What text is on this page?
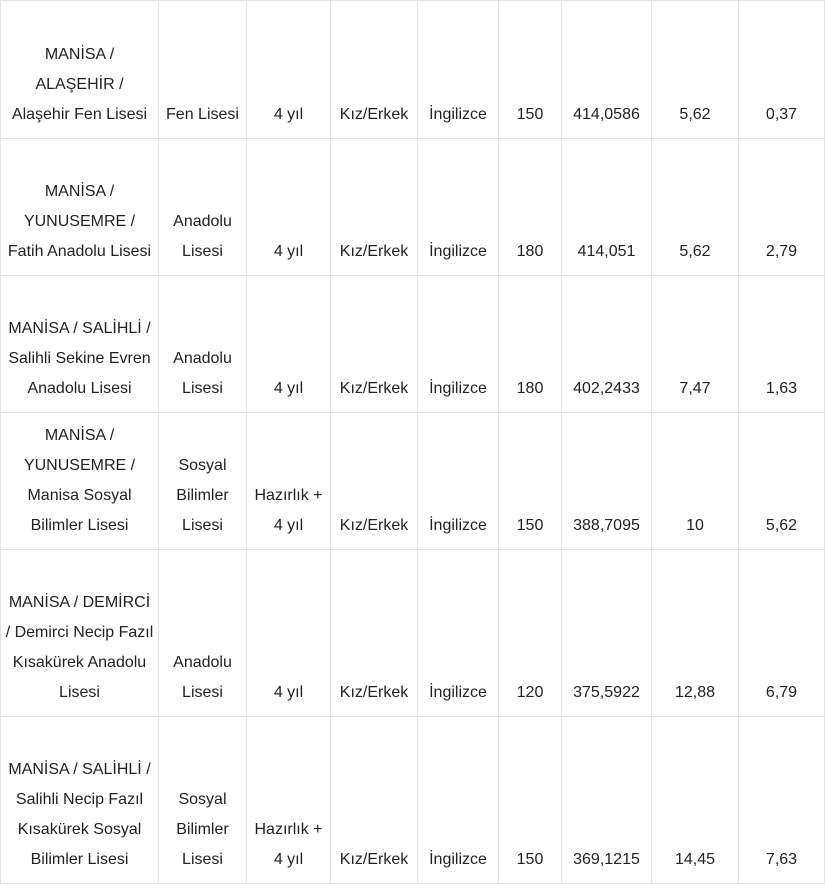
MANİSA / ALAŞEHİR / Alaşehir Fen Lisesi	Fen Lisesi	4 yıl	Kız/Erkek	İngilizce	150	414,0586	5,62	0,37
MANİSA / YUNUSEMRE / Fatih Anadolu Lisesi	Anadolu Lisesi	4 yıl	Kız/Erkek	İngilizce	180	414,051	5,62	2,79
MANİSA / SALİHLİ / Salihli Sekine Evren Anadolu Lisesi	Anadolu Lisesi	4 yıl	Kız/Erkek	İngilizce	180	402,2433	7,47	1,63
MANİSA / YUNUSEMRE / Manisa Sosyal Bilimler Lisesi	Sosyal Bilimler Lisesi	Hazırlık + 4 yıl	Kız/Erkek	İngilizce	150	388,7095	10	5,62
MANİSA / DEMİRCİ / Demirci Necip Fazıl Kısakürek Anadolu Lisesi	Anadolu Lisesi	4 yıl	Kız/Erkek	İngilizce	120	375,5922	12,88	6,79
MANİSA / SALİHLİ / Salihli Necip Fazıl Kısakürek Sosyal Bilimler Lisesi	Sosyal Bilimler Lisesi	Hazırlık + 4 yıl	Kız/Erkek	İngilizce	150	369,1215	14,45	7,63
